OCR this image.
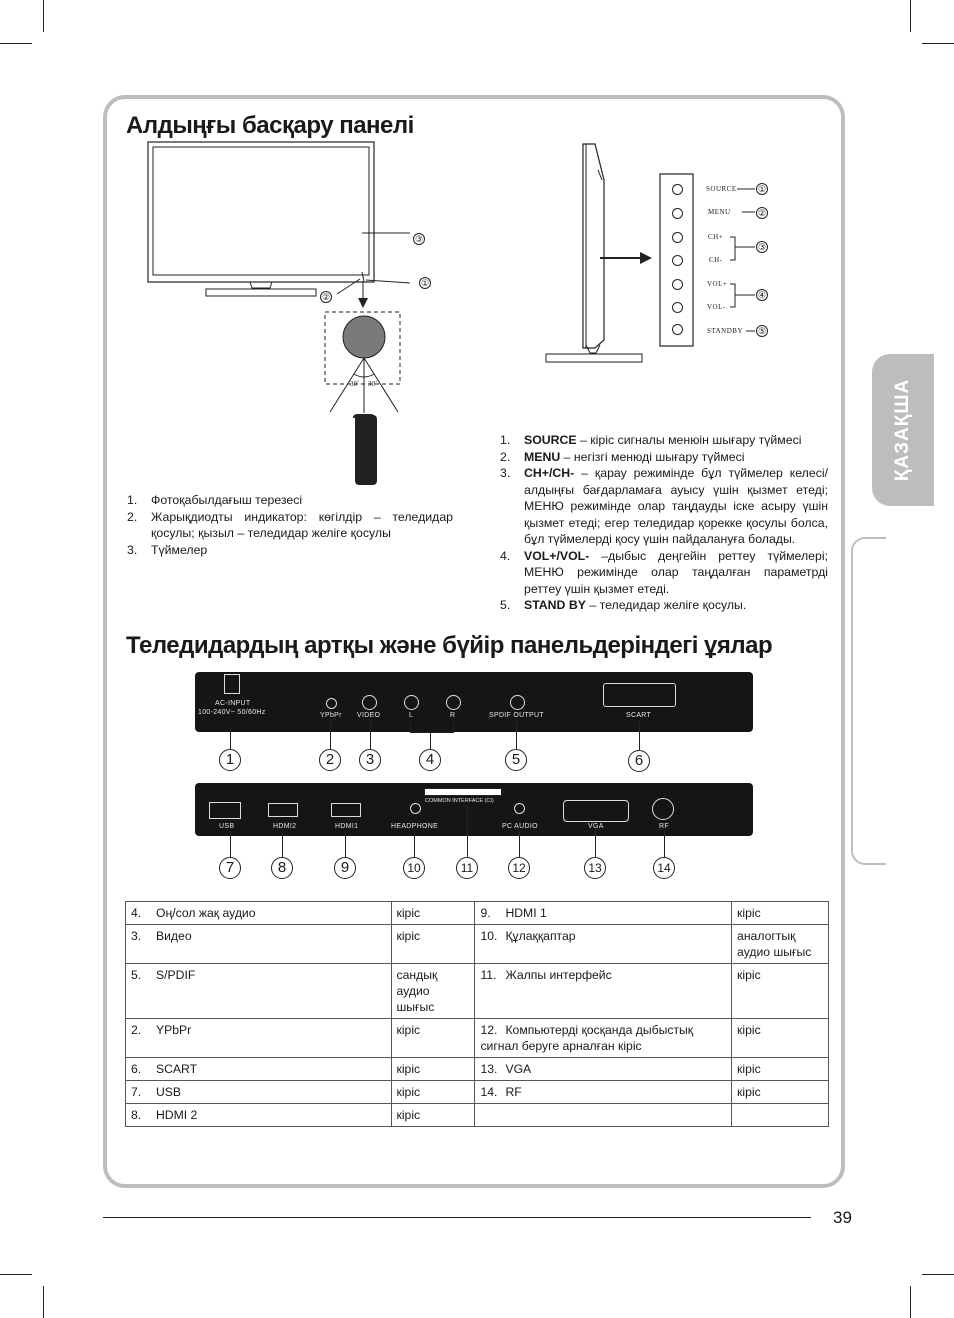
ҚАЗАҚША
Алдыңғы басқару панелі
③
①
②
30˚ 30˚
SOURCE
MENU
CH+
CH-
VOL+
VOL-
STANDBY
①
②
③
④
⑤
1.	Фотоқабылдағыш терезесі
2.	Жарықдиодты индикатор: көгілдір – теледидар қосулы; қызыл – теледидар желіге қосулы
3.	Түймелер
1.	SOURCE – кіріс сигналы менюін шығару түймесі
2.	MENU – негізгі менюді шығару түймесі
3.	CH+/CH- – қарау режимінде бұл түймелер келесі/алдыңғы бағдарламаға ауысу үшін қызмет етеді; МЕНЮ режимінде олар таңдауды іске асыру үшін қызмет етеді; егер теледидар қорекке қосулы болса, бұл түймелерді қосу үшін пайдалануға болады.
4.	VOL+/VOL- –дыбыс деңгейін реттеу түймелері; МЕНЮ режимінде олар таңдалған параметрді реттеу үшін қызмет етеді.
5.	STAND BY – теледидар желіге қосулы.
Теледидардың артқы және бүйір панельдеріндегі ұялар
AC-INPUT
100-240V~ 50/60Hz	YPbPr VIDEO	L	R	SPDIF OUTPUT	SCART
1	2	3	4	5	6
USB	HDMI2	HDMI1	HEADPHONE
COMMON INTERFACE (CI)
PC AUDIO	VGA	RF
7	8	9	10	11	12	13	14
4. Оң/сол жақ аудио	кіріс	9. HDMI 1	кіріс
3. Видео	кіріс	10. Құлаққаптар	аналогтық аудио шығыс
5. S/PDIF	сандық аудио шығыс	11. Жалпы интерфейс	кіріс
2. YPbPr	кіріс	12. Компьютерді қосқанда дыбыстық сигнал беруге арналған кіріс	кіріс
6. SCART	кіріс	13. VGA	кіріс
7. USB	кіріс	14. RF	кіріс
8. HDMI 2	кіріс		
39
